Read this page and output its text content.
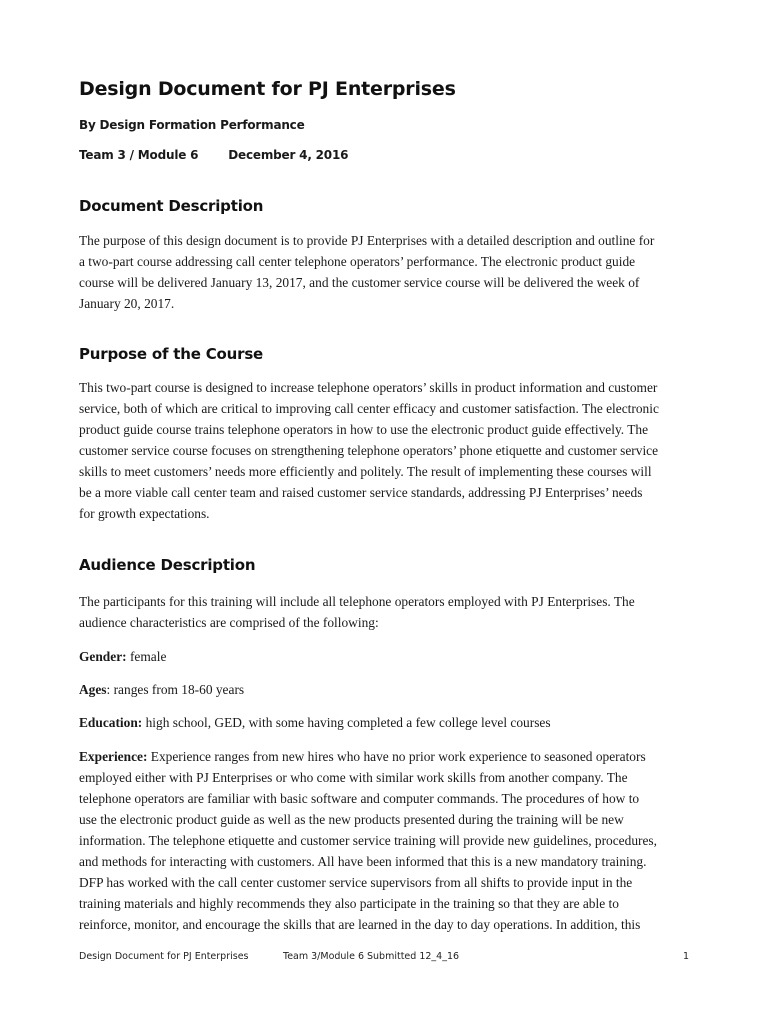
Design Document for PJ Enterprises
By Design Formation Performance
Team 3 / Module 6	December 4, 2016
Document Description
The purpose of this design document is to provide PJ Enterprises with a detailed description and outline for
a two-part course addressing call center telephone operators’ performance. The electronic product guide
course will be delivered January 13, 2017, and the customer service course will be delivered the week of
January 20, 2017.
Purpose of the Course
This two-part course is designed to increase telephone operators’ skills in product information and customer
service, both of which are critical to improving call center efficacy and customer satisfaction. The electronic
product guide course trains telephone operators in how to use the electronic product guide effectively. The
customer service course focuses on strengthening telephone operators’ phone etiquette and customer service
skills to meet customers’ needs more efficiently and politely. The result of implementing these courses will
be a more viable call center team and raised customer service standards, addressing PJ Enterprises’ needs
for growth expectations.
Audience Description
The participants for this training will include all telephone operators employed with PJ Enterprises. The
audience characteristics are comprised of the following:
Gender: female
Ages: ranges from 18-60 years
Education: high school, GED, with some having completed a few college level courses
Experience: Experience ranges from new hires who have no prior work experience to seasoned operators
employed either with PJ Enterprises or who come with similar work skills from another company. The
telephone operators are familiar with basic software and computer commands. The procedures of how to
use the electronic product guide as well as the new products presented during the training will be new
information. The telephone etiquette and customer service training will provide new guidelines, procedures,
and methods for interacting with customers. All have been informed that this is a new mandatory training.
DFP has worked with the call center customer service supervisors from all shifts to provide input in the
training materials and highly recommends they also participate in the training so that they are able to
reinforce, monitor, and encourage the skills that are learned in the day to day operations. In addition, this
Design Document for PJ Enterprises	Team 3/Module 6 Submitted 12_4_16	1
